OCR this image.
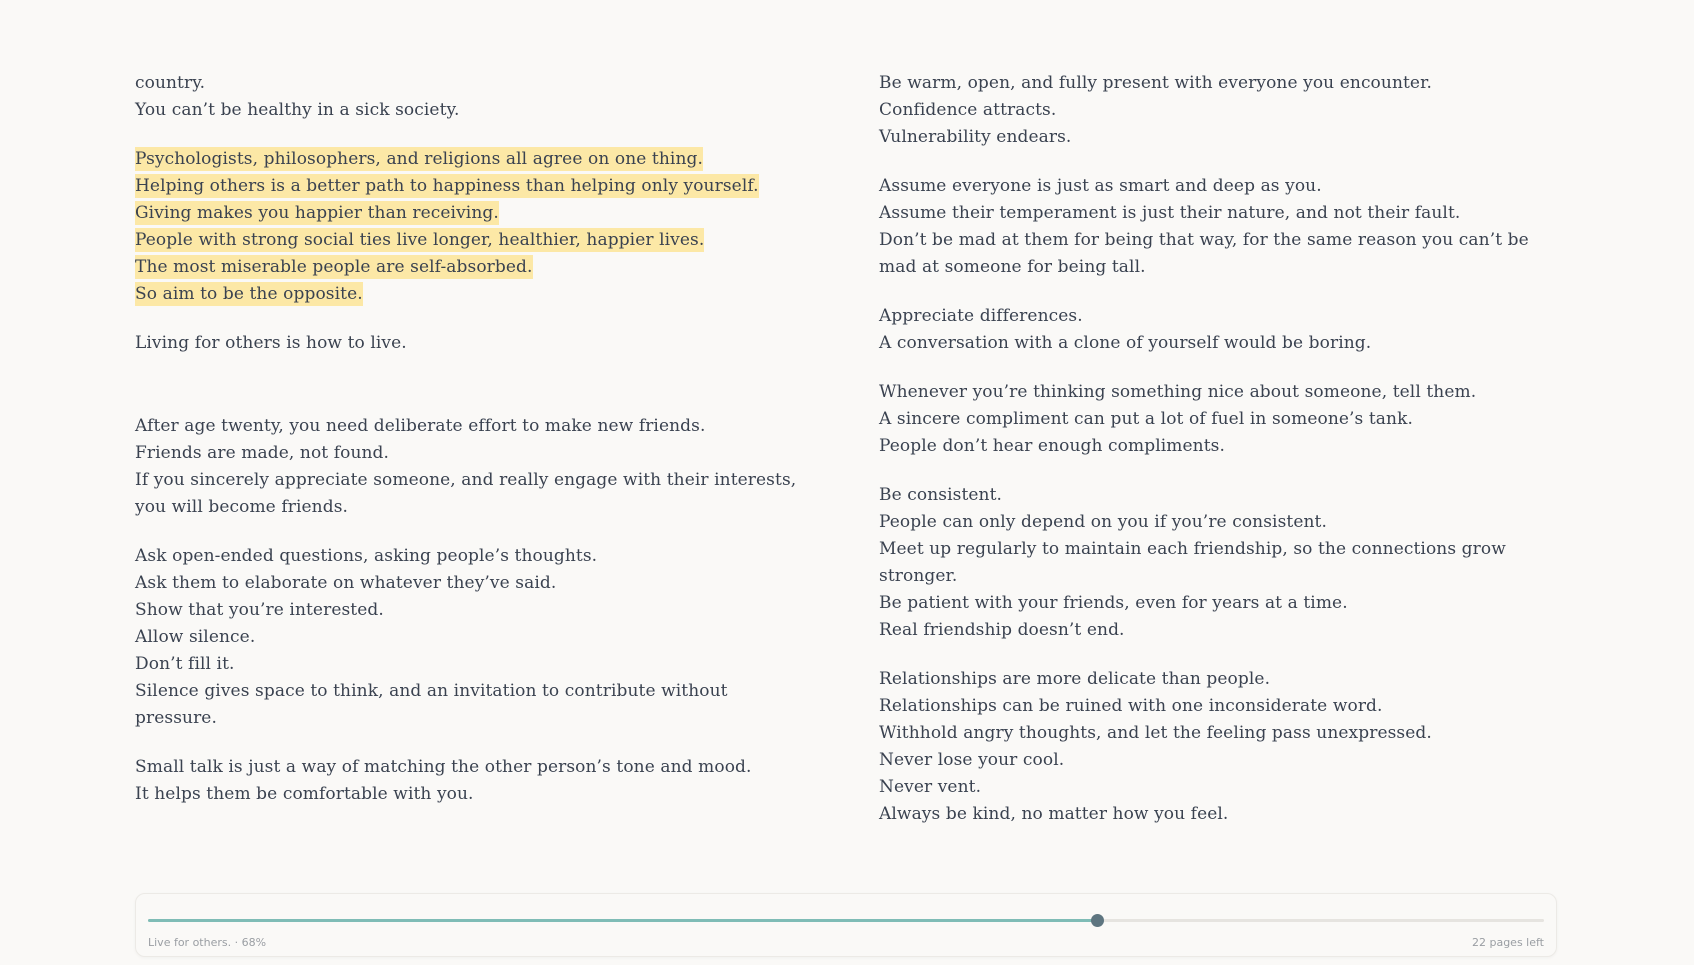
country.
You can’t be healthy in a sick society.
Psychologists, philosophers, and religions all agree on one thing.
Helping others is a better path to happiness than helping only yourself.
Giving makes you happier than receiving.
People with strong social ties live longer, healthier, happier lives.
The most miserable people are self-absorbed.
So aim to be the opposite.
Living for others is how to live.
After age twenty, you need deliberate effort to make new friends.
Friends are made, not found.
If you sincerely appreciate someone, and really engage with their interests, you will become friends.
Ask open-ended questions, asking people’s thoughts.
Ask them to elaborate on whatever they’ve said.
Show that you’re interested.
Allow silence.
Don’t fill it.
Silence gives space to think, and an invitation to contribute without pressure.
Small talk is just a way of matching the other person’s tone and mood.
It helps them be comfortable with you.
Be warm, open, and fully present with everyone you encounter.
Confidence attracts.
Vulnerability endears.
Assume everyone is just as smart and deep as you.
Assume their temperament is just their nature, and not their fault.
Don’t be mad at them for being that way, for the same reason you can’t be mad at someone for being tall.
Appreciate differences.
A conversation with a clone of yourself would be boring.
Whenever you’re thinking something nice about someone, tell them.
A sincere compliment can put a lot of fuel in someone’s tank.
People don’t hear enough compliments.
Be consistent.
People can only depend on you if you’re consistent.
Meet up regularly to maintain each friendship, so the connections grow stronger.
Be patient with your friends, even for years at a time.
Real friendship doesn’t end.
Relationships are more delicate than people.
Relationships can be ruined with one inconsiderate word.
Withhold angry thoughts, and let the feeling pass unexpressed.
Never lose your cool.
Never vent.
Always be kind, no matter how you feel.
Live for others. · 68%	22 pages left
